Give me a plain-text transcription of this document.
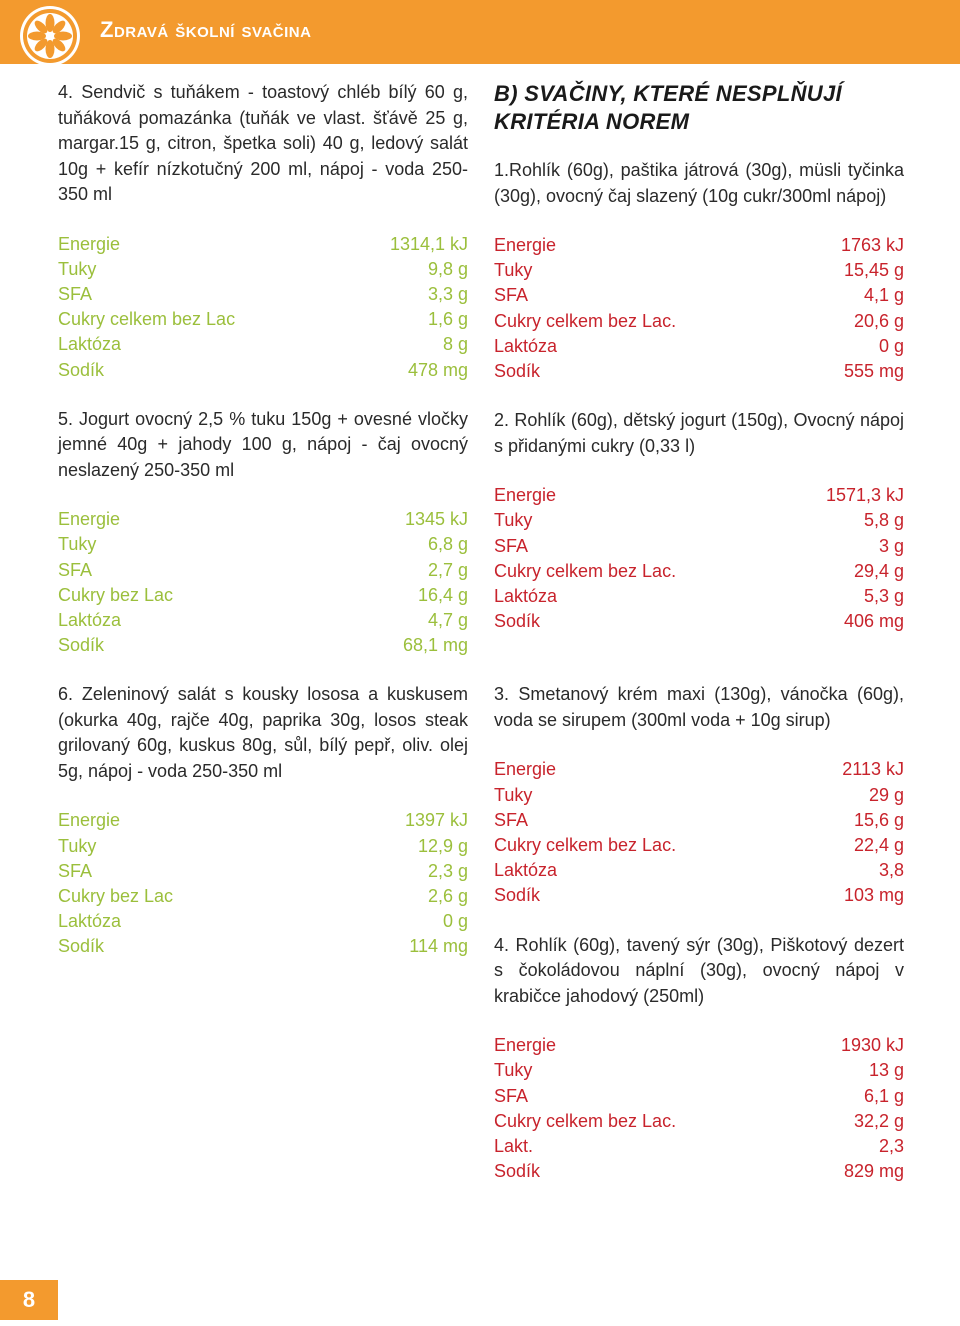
Zdravá školní svačina

4. Sendvič s tuňákem - toastový chléb bílý 60 g, tuňáková pomazánka (tuňák ve vlast. šťávě 25 g, margar.15 g, citron, špetka soli) 40 g, ledový salát 10g + kefír nízkotučný 200 ml, nápoj - voda 250-350 ml

Energie	1314,1 kJ
Tuky	9,8 g
SFA	3,3 g
Cukry celkem bez Lac	1,6 g
Laktóza	8 g
Sodík	478 mg

5. Jogurt ovocný 2,5 % tuku 150g + ovesné vločky jemné 40g + jahody 100 g, nápoj - čaj ovocný neslazený 250-350 ml

Energie	1345 kJ
Tuky	6,8 g
SFA	2,7 g
Cukry bez Lac	16,4 g
Laktóza	4,7 g
Sodík	68,1 mg

6. Zeleninový salát s kousky lososa a kuskusem (okurka 40g, rajče 40g, paprika 30g, losos steak grilovaný 60g, kuskus 80g, sůl, bílý pepř, oliv. olej 5g, nápoj - voda 250-350 ml

Energie	1397 kJ
Tuky	12,9 g
SFA	2,3 g
Cukry bez Lac	2,6 g
Laktóza	0 g
Sodík	114 mg
B) SVAČINY, KTERÉ NESPLŇUJÍ KRITÉRIA NOREM

1.Rohlík (60g), paštika játrová (30g), müsli tyčinka (30g), ovocný čaj slazený (10g cukr/300ml nápoj)

Energie	1763 kJ
Tuky	15,45 g
SFA	4,1 g
Cukry celkem bez Lac.	20,6 g
Laktóza	0 g
Sodík	555 mg

2. Rohlík (60g), dětský jogurt (150g), Ovocný nápoj s přidanými cukry (0,33 l)

Energie	1571,3 kJ
Tuky	5,8 g
SFA	3 g
Cukry celkem bez Lac.	29,4 g
Laktóza	5,3 g
Sodík	406 mg

3. Smetanový krém maxi (130g), vánočka (60g), voda se sirupem (300ml voda + 10g sirup)

Energie	2113 kJ
Tuky	29 g
SFA	15,6 g
Cukry celkem bez Lac.	22,4 g
Laktóza	3,8
Sodík	103 mg

4. Rohlík (60g), tavený sýr (30g), Piškotový dezert s čokoládovou náplní (30g), ovocný nápoj v krabičce jahodový (250ml)

Energie	1930 kJ
Tuky	13 g
SFA	6,1 g
Cukry celkem bez Lac.	32,2 g
Lakt.	2,3
Sodík	829 mg
8
